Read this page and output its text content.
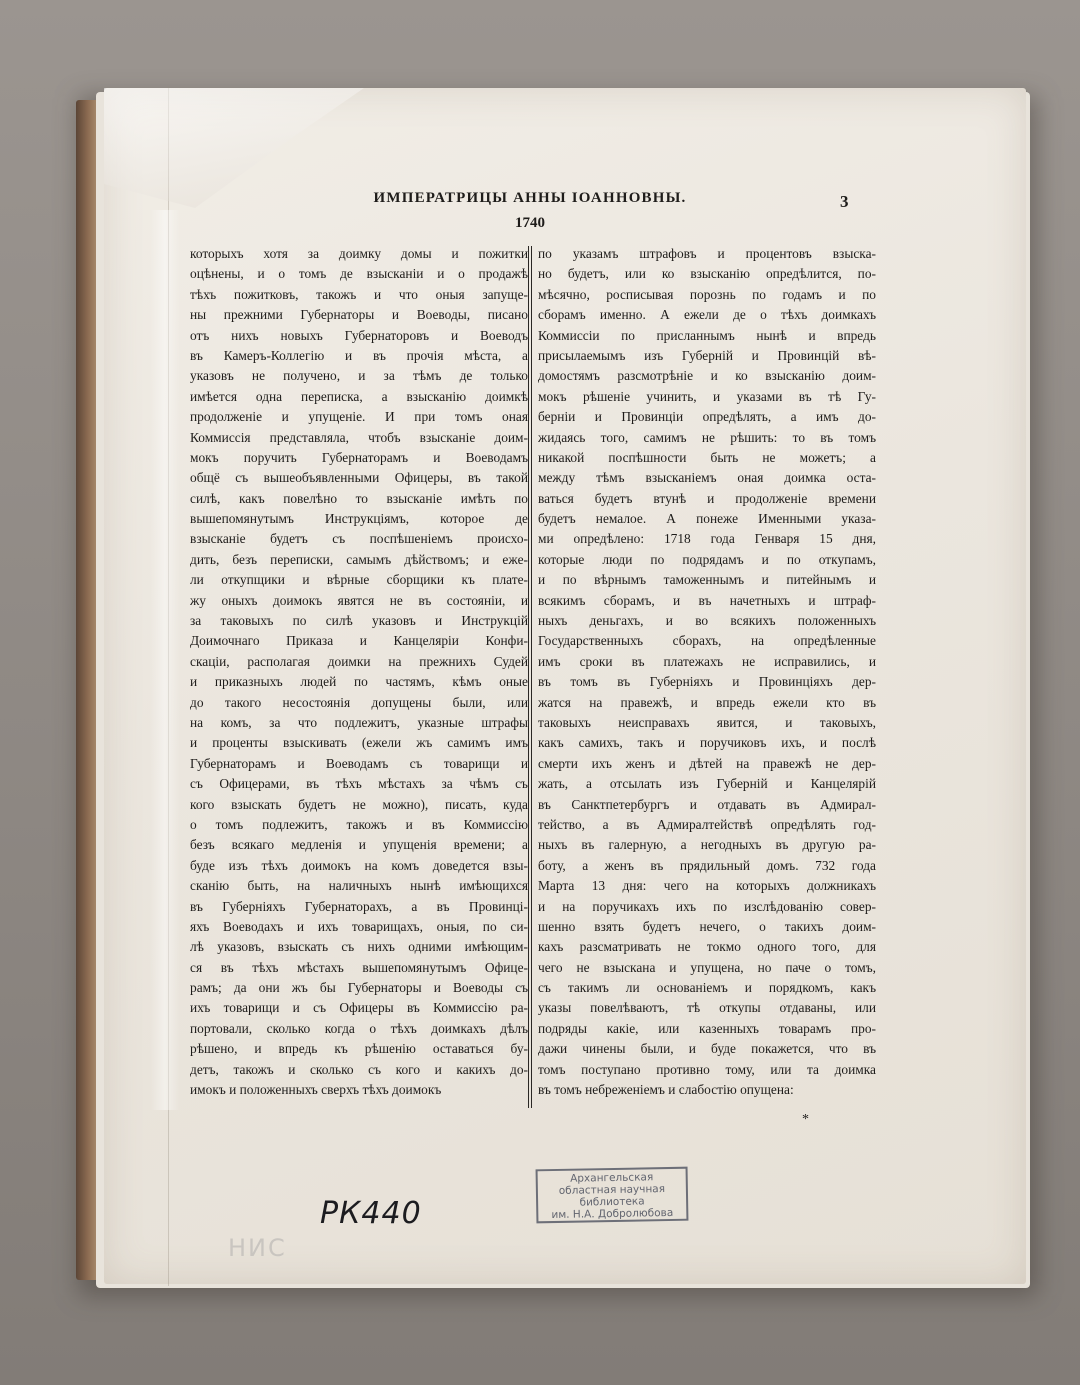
ИМПЕРАТРИЦЫ АННЫ ІОАННОВНЫ.	3
1740
которыхъ хотя за доимку домы и пожитки
оцѣнены, и о томъ де взысканіи и о продажѣ
тѣхъ пожитковъ, такожъ и что оныя запуще-
ны прежними Губернаторы и Воеводы, писано
отъ нихъ новыхъ Губернаторовъ и Воеводъ
въ Камеръ-Коллегію и въ прочія мѣста, а
указовъ не получено, и за тѣмъ де только
имѣется одна переписка, а взысканію доимкѣ
продолженіе и упущеніе. И при томъ оная
Коммиссія представляла, чтобъ взысканіе доим-
мокъ поручить Губернаторамъ и Воеводамъ
общё съ вышеобъявленными Офицеры, въ такой
силѣ, какъ повелѣно то взысканіе имѣть по
вышепомянутымъ Инструкціямъ, которое де
взысканіе будетъ съ поспѣшеніемъ происхо-
дить, безъ переписки, самымъ дѣйствомъ; и ежe-
ли откупщики и вѣрные сборщики къ плате-
жу оныхъ доимокъ явятся не въ состояніи, и
за таковыхъ по силѣ указовъ и Инструкцій
Доимочнаго Приказа и Канцеляріи Конфи-
скаціи, располагая доимки на прежнихъ Судей
и приказныхъ людей по частямъ, кѣмъ оные
до такого несостоянія допущены были, или
на комъ, за что подлежитъ, указные штрафы
и проценты взыскивать (ежели жъ самимъ имъ
Губернаторамъ и Воеводамъ съ товарищи и
съ Офицерами, въ тѣхъ мѣстахъ за чѣмъ съ
кого взыскать будетъ не можно), писать, куда
о томъ подлежитъ, такожъ и въ Коммиссію
безъ всякаго медленія и упущенія времени; а
буде изъ тѣхъ доимокъ на комъ доведется взы-
сканію быть, на наличныхъ нынѣ имѣющихся
въ Губерніяхъ Губернаторахъ, а въ Провинці-
яхъ Воеводахъ и ихъ товарищахъ, оныя, по си-
лѣ указовъ, взыскать съ нихъ одними имѣющим-
ся въ тѣхъ мѣстахъ вышепомянутымъ Офице-
рамъ; да они жъ бы Губернаторы и Воеводы съ
ихъ товарищи и съ Офицеры въ Коммиссію ра-
портовали, сколько когда о тѣхъ доимкахъ дѣлъ
рѣшено, и впредь къ рѣшенію оставаться бу-
детъ, такожъ и сколько съ кого и какихъ до-
имокъ и положенныхъ сверхъ тѣхъ доимокъ
по указамъ штрафовъ и процентовъ взыска-
но будетъ, или ко взысканію опредѣлится, по-
мѣсячно, росписывая порознь по годамъ и по
сборамъ именно. А ежели де о тѣхъ доимкахъ
Коммиссіи по присланнымъ нынѣ и впредь
присылаемымъ изъ Губерній и Провинцій вѣ-
домостямъ разсмотрѣніе и ко взысканію доим-
мокъ рѣшеніе учинить, и указами въ тѣ Гу-
берніи и Провинціи опредѣлять, а имъ до-
жидаясь того, самимъ не рѣшить: то въ томъ
никакой поспѣшности быть не можетъ; а
между тѣмъ взысканіемъ оная доимка оста-
ваться будетъ втунѣ и продолженіе времени
будетъ немалое. А понеже Именными указа-
ми опредѣлено: 1718 года Генваря 15 дня,
которые люди по подрядамъ и по откупамъ,
и по вѣрнымъ таможеннымъ и питейнымъ и
всякимъ сборамъ, и въ начетныхъ и штраф-
ныхъ деньгахъ, и во всякихъ положенныхъ
Государственныхъ сборахъ, на опредѣленные
имъ сроки въ платежахъ не исправились, и
въ томъ въ Губерніяхъ и Провинціяхъ дер-
жатся на правежѣ, и впредь ежели кто въ
таковыхъ неисправахъ явится, и таковыхъ,
какъ самихъ, такъ и поручиковъ ихъ, и послѣ
смерти ихъ женъ и дѣтей на правежѣ не дер-
жать, а отсылать изъ Губерній и Канцелярій
въ Санктпетербургъ и отдавать въ Адмирал-
тейство, а въ Адмиралтействѣ опредѣлять год-
ныхъ въ галерную, а негодныхъ въ другую ра-
боту, а женъ въ прядильный домъ. 732 года
Марта 13 дня: чего на которыхъ должникахъ
и на поручикахъ ихъ по изслѣдованію совер-
шенно взять будетъ нечего, о такихъ доим-
кахъ разсматривать не токмо одного того, для
чего не взыскана и упущена, но паче о томъ,
съ такимъ ли основаніемъ и порядкомъ, какъ
указы повелѣваютъ, тѣ откупы отдаваны, или
подряды какіе, или казенныхъ товарамъ про-
дажи чинены были, и буде покажется, что въ
томъ поступано противно тому, или та доимка
въ томъ небреженіемъ и слабостію опущена:
*
Архангельская
областная научная
библиотека
им. Н.А. Добролюбова
РК440
НИС
